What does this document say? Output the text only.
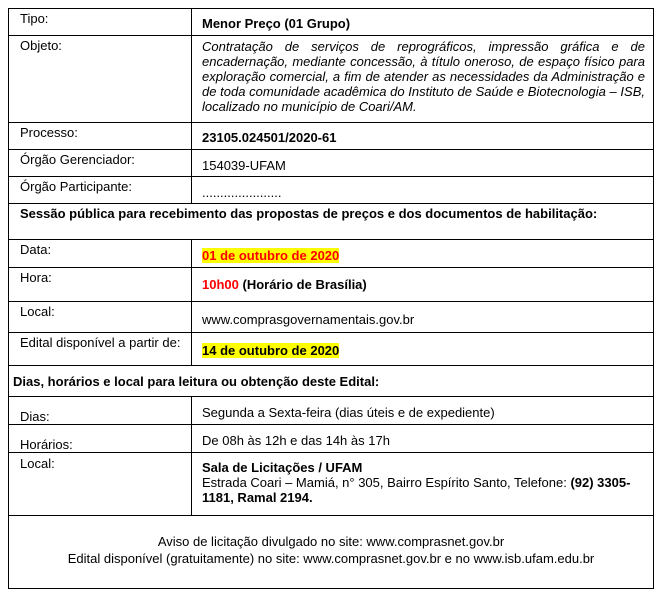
Tipo:	Menor Preço (01 Grupo)
Objeto:	Contratação de serviços de reprográficos, impressão gráfica e de encadernação, mediante concessão, à título oneroso, de espaço físico para exploração comercial, a fim de atender as necessidades da Administração e de toda comunidade acadêmica do Instituto de Saúde e Biotecnologia – ISB, localizado no município de Coari/AM.
Processo:	23105.024501/2020-61
Órgão Gerenciador:	154039-UFAM
Órgão Participante:	......................
Sessão pública para recebimento das propostas de preços e dos documentos de habilitação:
Data:	01 de outubro de 2020
Hora:	10h00 (Horário de Brasília)
Local:
www.comprasgovernamentais.gov.br
Edital disponível a partir de:
14 de outubro de 2020
Dias, horários e local para leitura ou obtenção deste Edital:
Dias:	Segunda a Sexta-feira (dias úteis e de expediente)
Horários:	De 08h às 12h e das 14h às 17h
Local:	Sala de Licitações / UFAM
Estrada Coari – Mamiá, n° 305, Bairro Espírito Santo, Telefone: (92) 3305-1181, Ramal 2194.
Aviso de licitação divulgado no site: www.comprasnet.gov.br
Edital disponível (gratuitamente) no site: www.comprasnet.gov.br e no www.isb.ufam.edu.br
